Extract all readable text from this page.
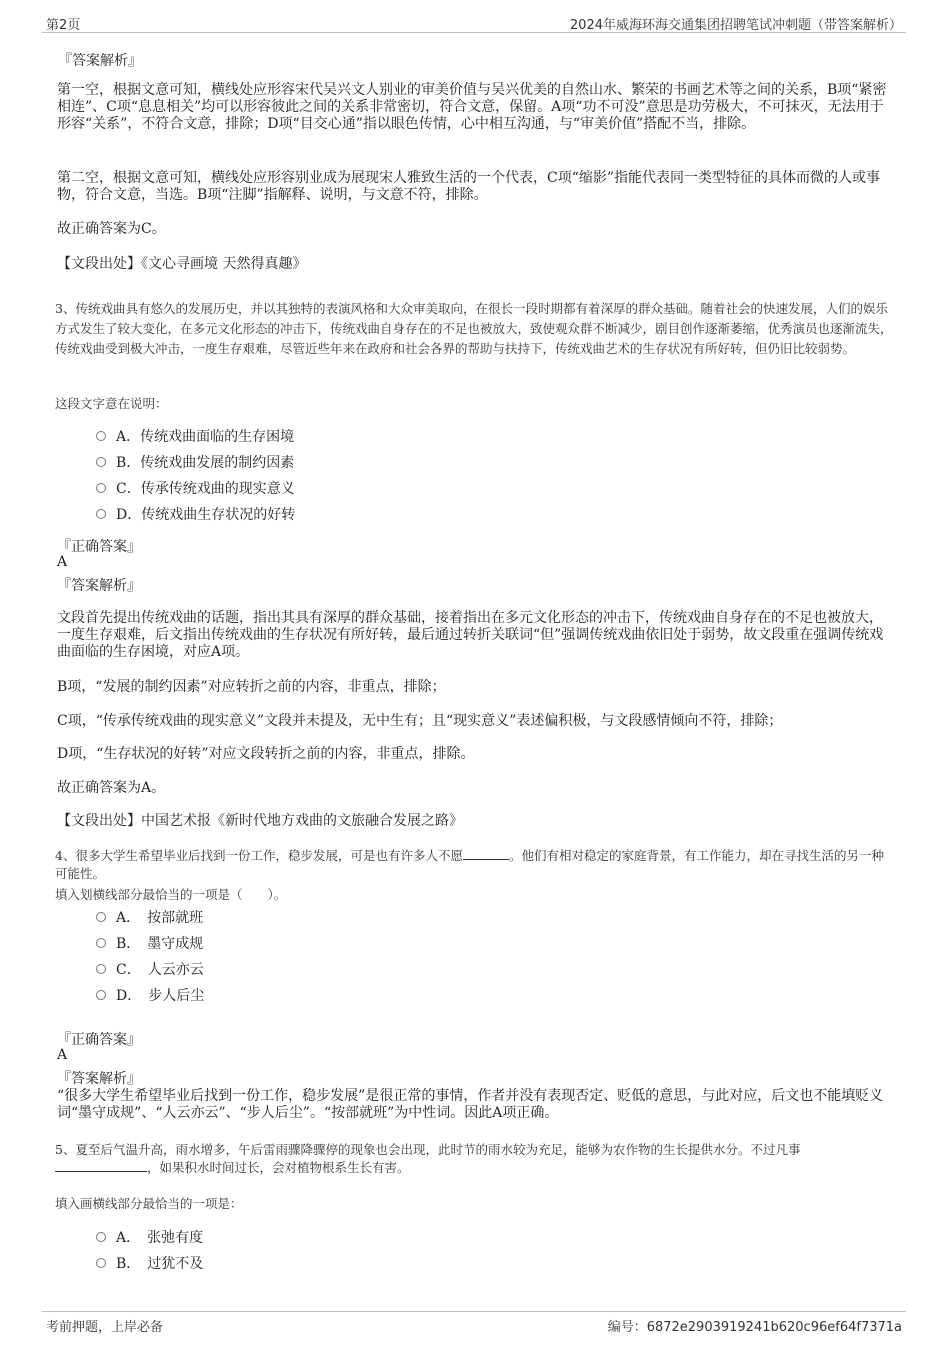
第2页	2024年威海环海交通集团招聘笔试冲刺题（带答案解析）
『答案解析』
第一空，根据文意可知，横线处应形容宋代吴兴文人别业的审美价值与吴兴优美的自然山水、繁荣的书画艺术等之间的关系，B项“紧密相连”、C项“息息相关”均可以形容彼此之间的关系非常密切，符合文意，保留。A项“功不可没”意思是功劳极大，不可抹灭，无法用于形容“关系”，不符合文意，排除；D项“目交心通”指以眼色传情，心中相互沟通，与“审美价值”搭配不当，排除。
第二空，根据文意可知，横线处应形容别业成为展现宋人雅致生活的一个代表，C项“缩影”指能代表同一类型特征的具体而微的人或事物，符合文意，当选。B项“注脚”指解释、说明，与文意不符，排除。
故正确答案为C。
【文段出处】《文心寻画境 天然得真趣》
3、传统戏曲具有悠久的发展历史，并以其独特的表演风格和大众审美取向，在很长一段时期都有着深厚的群众基础。随着社会的快速发展，人们的娱乐方式发生了较大变化，在多元文化形态的冲击下，传统戏曲自身存在的不足也被放大，致使观众群不断减少，剧目创作逐渐萎缩，优秀演员也逐渐流失，传统戏曲受到极大冲击，一度生存艰难，尽管近些年来在政府和社会各界的帮助与扶持下，传统戏曲艺术的生存状况有所好转，但仍旧比较弱势。
这段文字意在说明：
A．传统戏曲面临的生存困境
B．传统戏曲发展的制约因素
C．传承传统戏曲的现实意义
D．传统戏曲生存状况的好转
『正确答案』
A
『答案解析』
文段首先提出传统戏曲的话题，指出其具有深厚的群众基础，接着指出在多元文化形态的冲击下，传统戏曲自身存在的不足也被放大，一度生存艰难，后文指出传统戏曲的生存状况有所好转，最后通过转折关联词“但”强调传统戏曲依旧处于弱势，故文段重在强调传统戏曲面临的生存困境，对应A项。
B项，“发展的制约因素”对应转折之前的内容，非重点，排除；
C项，“传承传统戏曲的现实意义”文段并未提及，无中生有；且“现实意义”表述偏积极，与文段感情倾向不符，排除；
D项，“生存状况的好转”对应文段转折之前的内容，非重点，排除。
故正确答案为A。
【文段出处】中国艺术报《新时代地方戏曲的文旅融合发展之路》
4、很多大学生希望毕业后找到一份工作，稳步发展，可是也有许多人不愿	。他们有相对稳定的家庭背景，有工作能力，却在寻找生活的另一种可能性。
填入划横线部分最恰当的一项是（　　）。
A．　按部就班
B．　墨守成规
C．　人云亦云
D．　步人后尘
『正确答案』
A
『答案解析』
“很多大学生希望毕业后找到一份工作，稳步发展”是很正常的事情，作者并没有表现否定、贬低的意思，与此对应，后文也不能填贬义词“墨守成规”、“人云亦云”、“步人后尘”。“按部就班”为中性词。因此A项正确。
5、夏至后气温升高，雨水增多，午后雷雨骤降骤停的现象也会出现，此时节的雨水较为充足，能够为农作物的生长提供水分。不过凡事，如果积水时间过长，会对植物根系生长有害。
填入画横线部分最恰当的一项是：
A．　张弛有度
B．　过犹不及
考前押题，上岸必备	编号：6872e2903919241b620c96ef64f7371a
